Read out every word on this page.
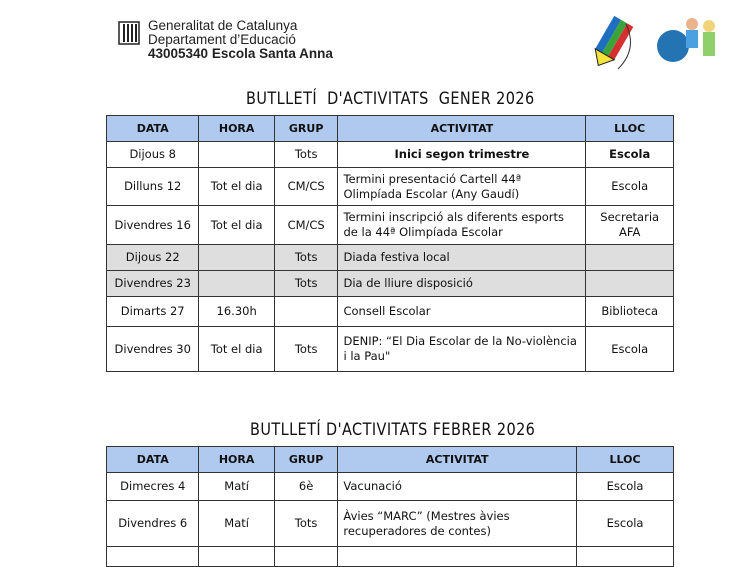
Generalitat de Catalunya
Departament d’Educació
43005340 Escola Santa Anna
BUTLLETÍ  D'ACTIVITATS  GENER 2026
DATA	HORA	GRUP	ACTIVITAT	LLOC
Dijous 8		Tots	Inici segon trimestre	Escola
Dilluns 12	Tot el dia	CM/CS	Termini presentació Cartell 44ª Olimpíada Escolar (Any Gaudí)	Escola
Divendres 16	Tot el dia	CM/CS	Termini inscripció als diferents esports de la 44ª Olimpíada Escolar	Secretaria AFA
Dijous 22		Tots	Diada festiva local	
Divendres 23		Tots	Dia de lliure disposició	
Dimarts 27	16.30h		Consell Escolar	Biblioteca
Divendres 30	Tot el dia	Tots	DENIP: “El Dia Escolar de la No-violència i la Pau"	Escola
BUTLLETÍ D'ACTIVITATS FEBRER 2026
DATA	HORA	GRUP	ACTIVITAT	LLOC
Dimecres 4	Matí	6è	Vacunació	Escola
Divendres 6	Matí	Tots	Àvies “MARC” (Mestres àvies recuperadores de contes)	Escola
